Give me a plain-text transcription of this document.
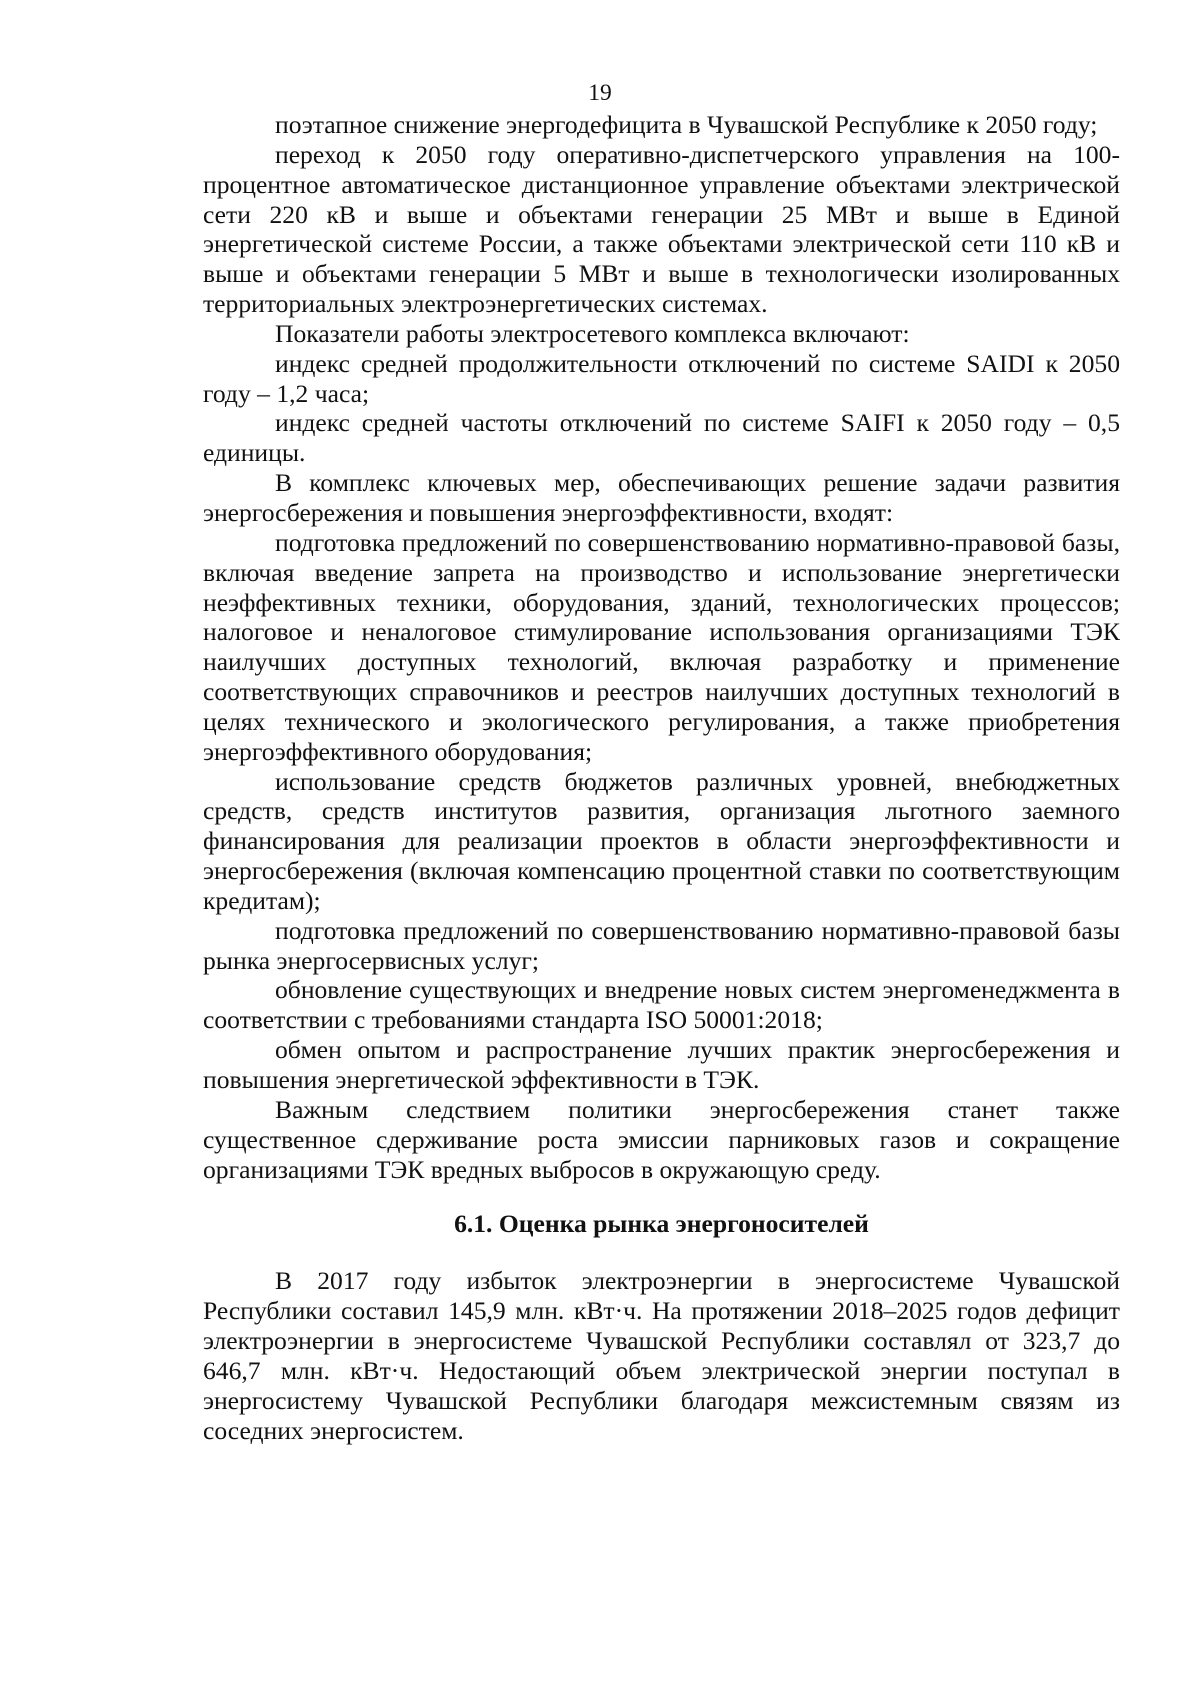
19

поэтапное снижение энергодефицита в Чувашской Республике к 2050 году;

переход к 2050 году оперативно-диспетчерского управления на 100-процентное автоматическое дистанционное управление объектами электрической сети 220 кВ и выше и объектами генерации 25 МВт и выше в Единой энергетической системе России, а также объектами электрической сети 110 кВ и выше и объектами генерации 5 МВт и выше в технологически изолированных территориальных электроэнергетических системах.

Показатели работы электросетевого комплекса включают:

индекс средней продолжительности отключений по системе SAIDI к 2050 году – 1,2 часа;

индекс средней частоты отключений по системе SAIFI к 2050 году – 0,5 единицы.

В комплекс ключевых мер, обеспечивающих решение задачи развития энергосбережения и повышения энергоэффективности, входят:

подготовка предложений по совершенствованию нормативно-правовой базы, включая введение запрета на производство и использование энергетически неэффективных техники, оборудования, зданий, технологических процессов; налоговое и неналоговое стимулирование использования организациями ТЭК наилучших доступных технологий, включая разработку и применение соответствующих справочников и реестров наилучших доступных технологий в целях технического и экологического регулирования, а также приобретения энергоэффективного оборудования;

использование средств бюджетов различных уровней, внебюджетных средств, средств институтов развития, организация льготного заемного финансирования для реализации проектов в области энергоэффективности и энергосбережения (включая компенсацию процентной ставки по соответствующим кредитам);

подготовка предложений по совершенствованию нормативно-правовой базы рынка энергосервисных услуг;

обновление существующих и внедрение новых систем энергоменеджмента в соответствии с требованиями стандарта ISO 50001:2018;

обмен опытом и распространение лучших практик энергосбережения и повышения энергетической эффективности в ТЭК.

Важным следствием политики энергосбережения станет также существенное сдерживание роста эмиссии парниковых газов и сокращение организациями ТЭК вредных выбросов в окружающую среду.

6.1. Оценка рынка энергоносителей

В 2017 году избыток электроэнергии в энергосистеме Чувашской Республики составил 145,9 млн. кВт·ч. На протяжении 2018–2025 годов дефицит электроэнергии в энергосистеме Чувашской Республики составлял от 323,7 до 646,7 млн. кВт·ч. Недостающий объем электрической энергии поступал в энергосистему Чувашской Республики благодаря межсистемным связям из соседних энергосистем.
